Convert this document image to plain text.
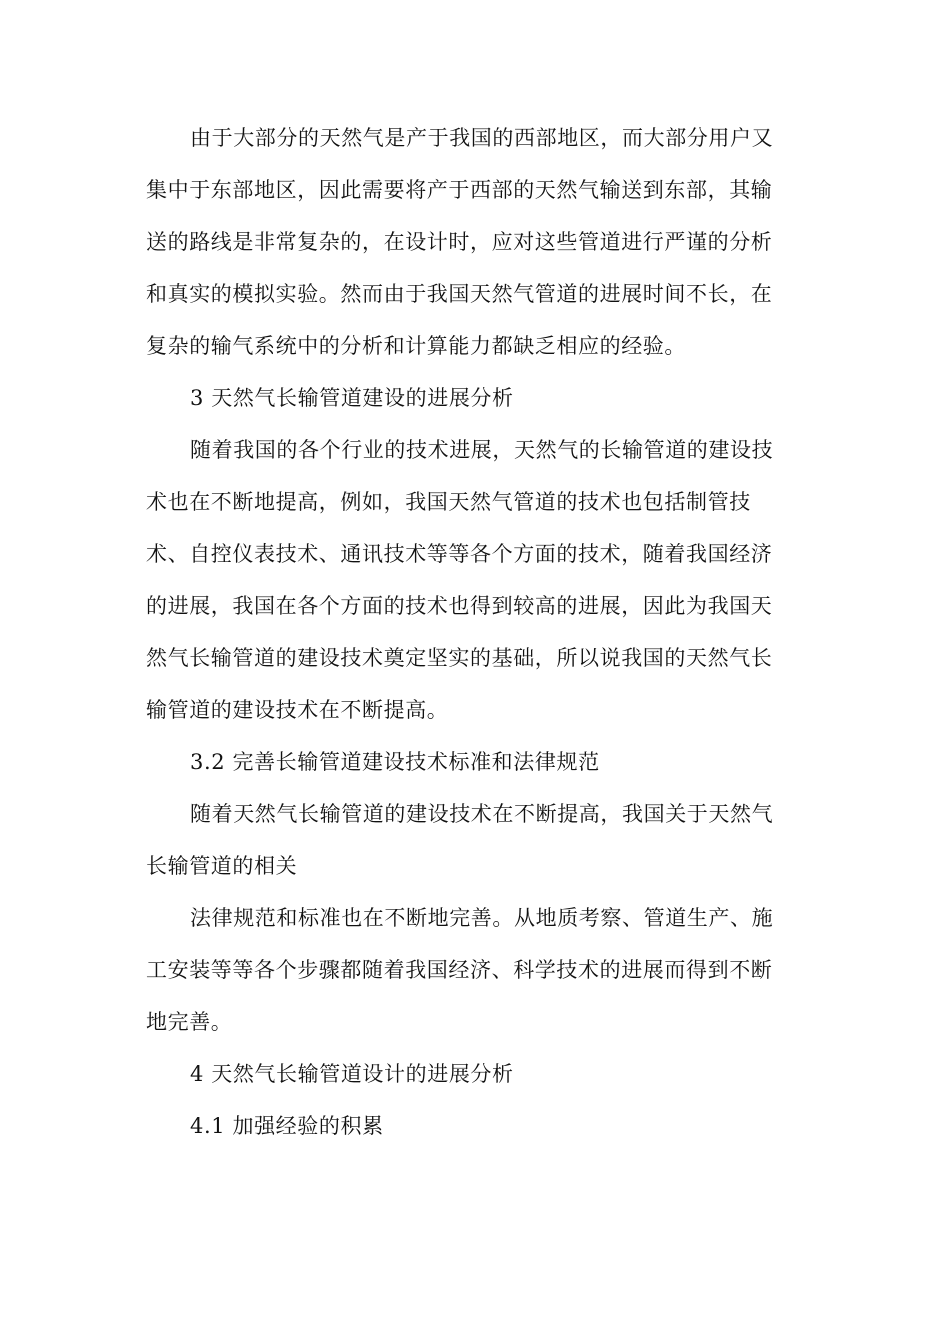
由于大部分的天然气是产于我国的西部地区，而大部分用户又
集中于东部地区，因此需要将产于西部的天然气输送到东部，其输
送的路线是非常复杂的，在设计时，应对这些管道进行严谨的分析
和真实的模拟实验。然而由于我国天然气管道的进展时间不长，在
复杂的输气系统中的分析和计算能力都缺乏相应的经验。
3 天然气长输管道建设的进展分析
随着我国的各个行业的技术进展，天然气的长输管道的建设技
术也在不断地提高，例如，我国天然气管道的技术也包括制管技
术、自控仪表技术、通讯技术等等各个方面的技术，随着我国经济
的进展，我国在各个方面的技术也得到较高的进展，因此为我国天
然气长输管道的建设技术奠定坚实的基础，所以说我国的天然气长
输管道的建设技术在不断提高。
3.2 完善长输管道建设技术标准和法律规范
随着天然气长输管道的建设技术在不断提高，我国关于天然气
长输管道的相关
法律规范和标准也在不断地完善。从地质考察、管道生产、施
工安装等等各个步骤都随着我国经济、科学技术的进展而得到不断
地完善。
4 天然气长输管道设计的进展分析
4.1 加强经验的积累
